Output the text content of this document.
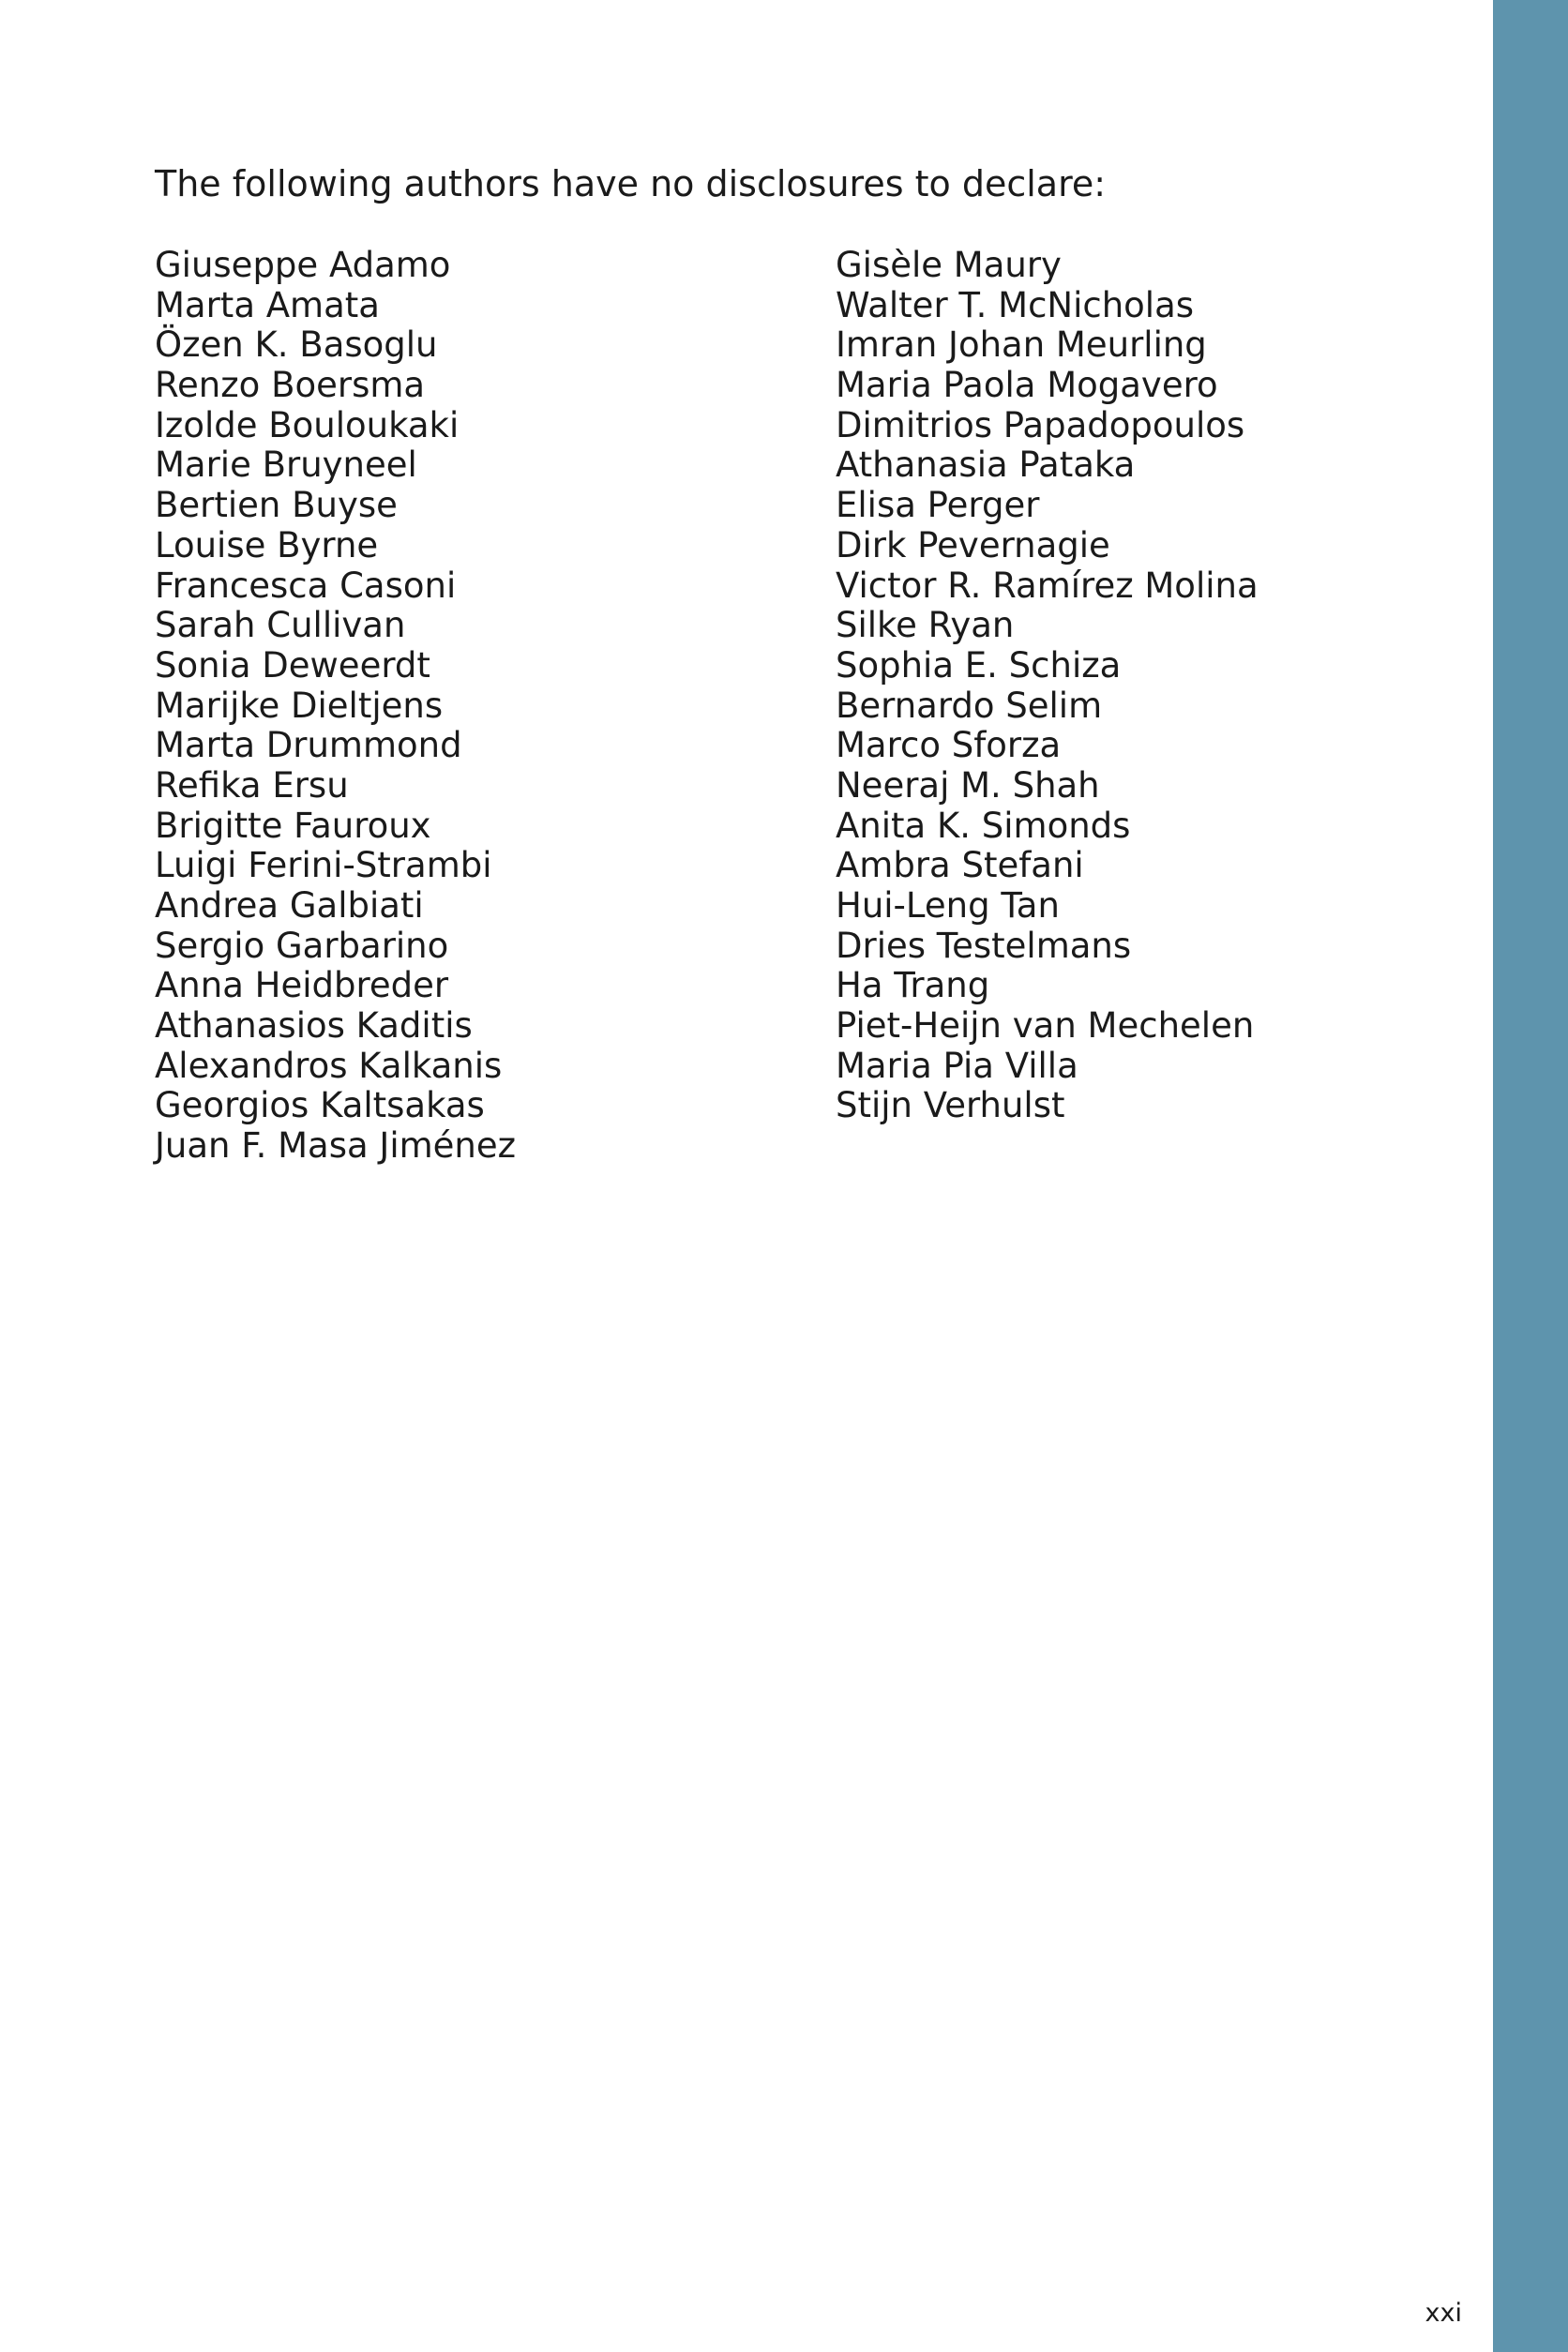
The following authors have no disclosures to declare:

Giuseppe Adamo
Marta Amata
Özen K. Basoglu
Renzo Boersma
Izolde Bouloukaki
Marie Bruyneel
Bertien Buyse
Louise Byrne
Francesca Casoni
Sarah Cullivan
Sonia Deweerdt
Marijke Dieltjens
Marta Drummond
Refika Ersu
Brigitte Fauroux
Luigi Ferini-Strambi
Andrea Galbiati
Sergio Garbarino
Anna Heidbreder
Athanasios Kaditis
Alexandros Kalkanis
Georgios Kaltsakas
Juan F. Masa Jiménez
Gisèle Maury
Walter T. McNicholas
Imran Johan Meurling
Maria Paola Mogavero
Dimitrios Papadopoulos
Athanasia Pataka
Elisa Perger
Dirk Pevernagie
Victor R. Ramírez Molina
Silke Ryan
Sophia E. Schiza
Bernardo Selim
Marco Sforza
Neeraj M. Shah
Anita K. Simonds
Ambra Stefani
Hui-Leng Tan
Dries Testelmans
Ha Trang
Piet-Heijn van Mechelen
Maria Pia Villa
Stijn Verhulst
xxi
